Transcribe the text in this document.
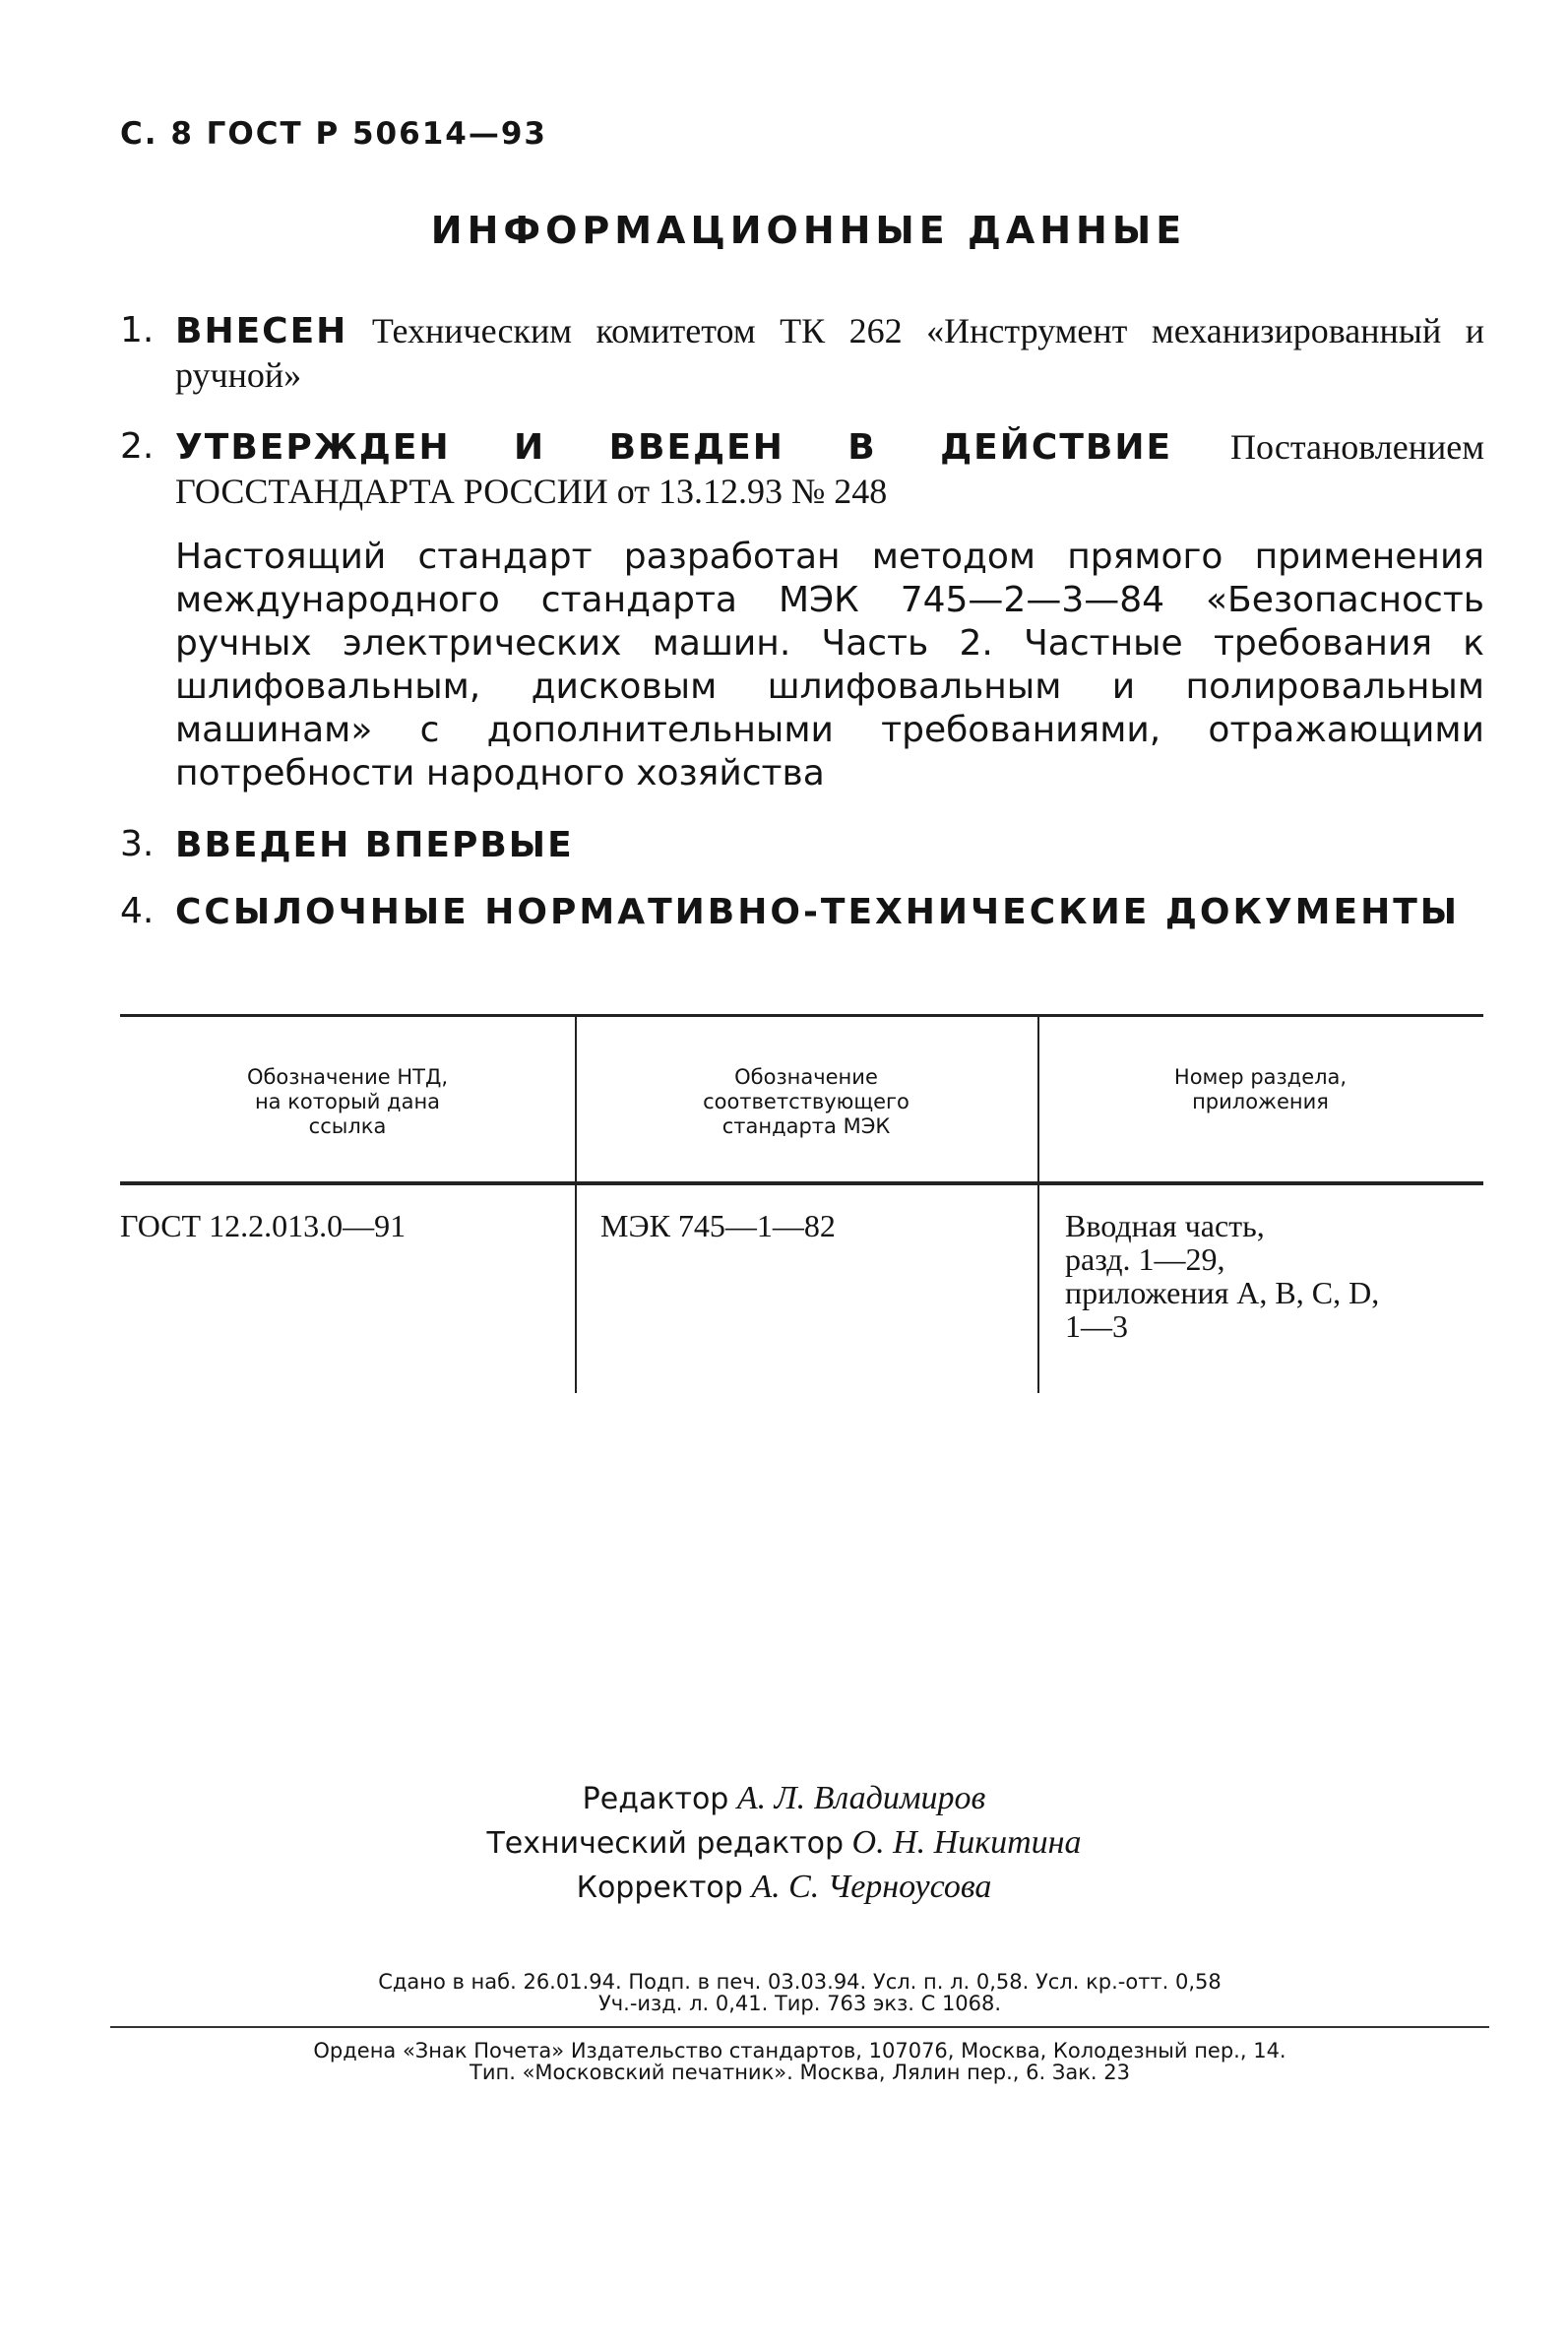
С. 8 ГОСТ Р 50614—93
ИНФОРМАЦИОННЫЕ ДАННЫЕ
1. ВНЕСЕН Техническим комитетом ТК 262 «Инструмент механизированный и ручной»
2. УТВЕРЖДЕН И ВВЕДЕН В ДЕЙСТВИЕ Постановлением ГОССТАНДАРТА РОССИИ от 13.12.93 № 248
Настоящий стандарт разработан методом прямого применения международного стандарта МЭК 745—2—3—84 «Безопасность ручных электрических машин. Часть 2. Частные требования к шлифовальным, дисковым шлифовальным и полировальным машинам» с дополнительными требованиями, отражающими потребности народного хозяйства
3. ВВЕДЕН ВПЕРВЫЕ
4. ССЫЛОЧНЫЕ НОРМАТИВНО-ТЕХНИЧЕСКИЕ ДОКУМЕНТЫ
Обозначение НТД,
на который дана
ссылка
Обозначение
соответствующего
стандарта МЭК
Номер раздела,
приложения
ГОСТ 12.2.013.0—91	МЭК 745—1—82	Вводная часть,
разд. 1—29,
приложения А, В, С, D,
1—3
Редактор А. Л. Владимиров
Технический редактор О. Н. Никитина
Корректор А. С. Черноусова
Сдано в наб. 26.01.94. Подп. в печ. 03.03.94. Усл. п. л. 0,58. Усл. кр.-отт. 0,58
Уч.-изд. л. 0,41. Тир. 763 экз. С 1068.
Ордена «Знак Почета» Издательство стандартов, 107076, Москва, Колодезный пер., 14.
Тип. «Московский печатник». Москва, Лялин пер., 6. Зак. 23
